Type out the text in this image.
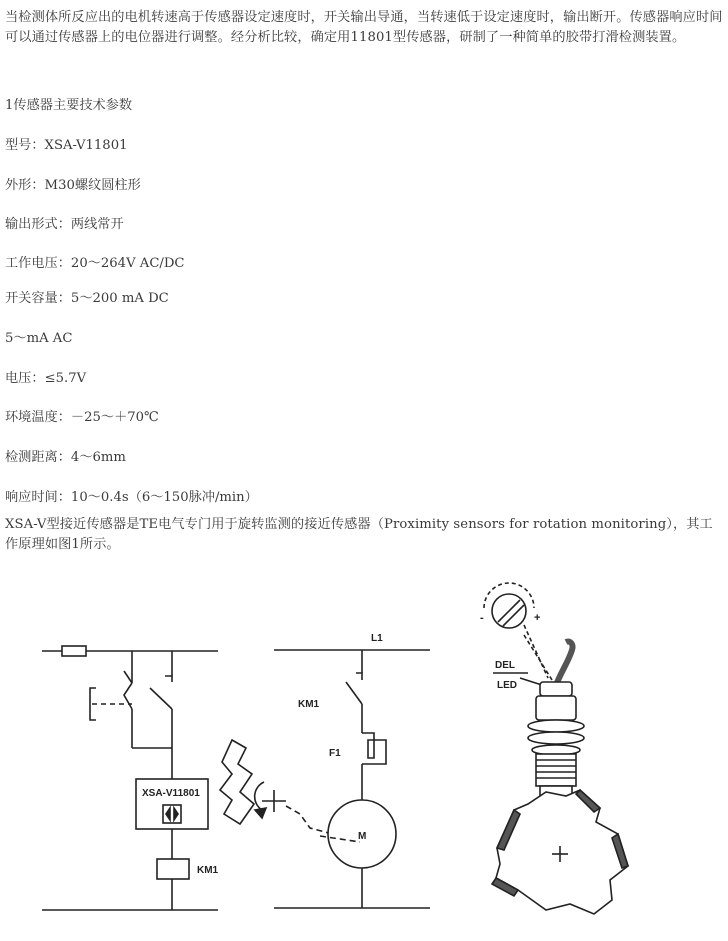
当检测体所反应出的电机转速高于传感器设定速度时，开关输出导通，当转速低于设定速度时，输出断开。传感器响应时间可以通过传感器上的电位器进行调整。经分析比较，确定用11801型传感器，研制了一种简单的胶带打滑检测装置。

1传感器主要技术参数

型号：XSA-V11801

外形：M30螺纹圆柱形

输出形式：两线常开

工作电压：20～264V AC/DC

开关容量：5～200 mA DC

5～mA AC

电压：≤5.7V

环境温度：－25～＋70℃

检测距离：4～6mm

响应时间：10～0.4s（6～150脉冲/min）

XSA-V型接近传感器是TE电气专门用于旋转监测的接近传感器（Proximity sensors for rotation monitoring），其工作原理如图1所示。

XSA-V11801
KM1
L1
KM1
F1
M
-	+
DEL
LED
